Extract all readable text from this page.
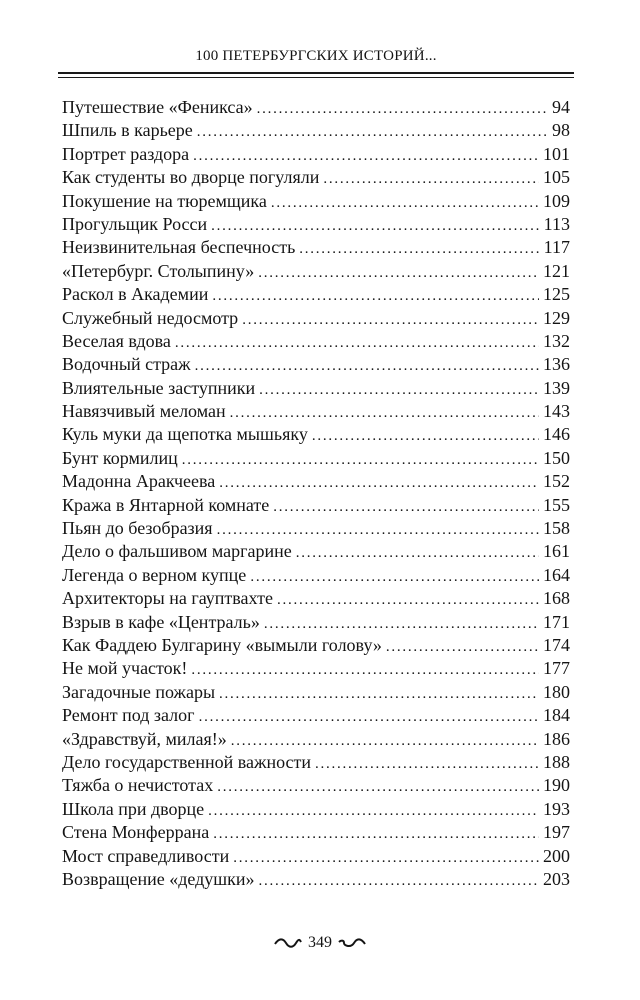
100 ПЕТЕРБУРГСКИХ ИСТОРИЙ...
Путешествие «Феникса» . . .	94
Шпиль в карьере . . .	98
Портрет раздора . . .	101
Как студенты во дворце погуляли . . .	105
Покушение на тюремщика . . .	109
Прогульщик Росси . . .	113
Неизвинительная беспечность . . .	117
«Петербург. Столыпину» . . .	121
Раскол в Академии . . .	125
Служебный недосмотр . . .	129
Веселая вдова . . .	132
Водочный страж . . .	136
Влиятельные заступники . . .	139
Навязчивый меломан . . .	143
Куль муки да щепотка мышьяку . . .	146
Бунт кормилиц . . .	150
Мадонна Аракчеева . . .	152
Кража в Янтарной комнате . . .	155
Пьян до безобразия . . .	158
Дело о фальшивом маргарине . . .	161
Легенда о верном купце . . .	164
Архитекторы на гауптвахте . . .	168
Взрыв в кафе «Централь» . . .	171
Как Фаддею Булгарину «вымыли голову» . . .	174
Не мой участок! . . .	177
Загадочные пожары . . .	180
Ремонт под залог . . .	184
«Здравствуй, милая!» . . .	186
Дело государственной важности . . .	188
Тяжба о нечистотах . . .	190
Школа при дворце . . .	193
Стена Монферрана . . .	197
Мост справедливости . . .	200
Возвращение «дедушки» . . .	203
349
